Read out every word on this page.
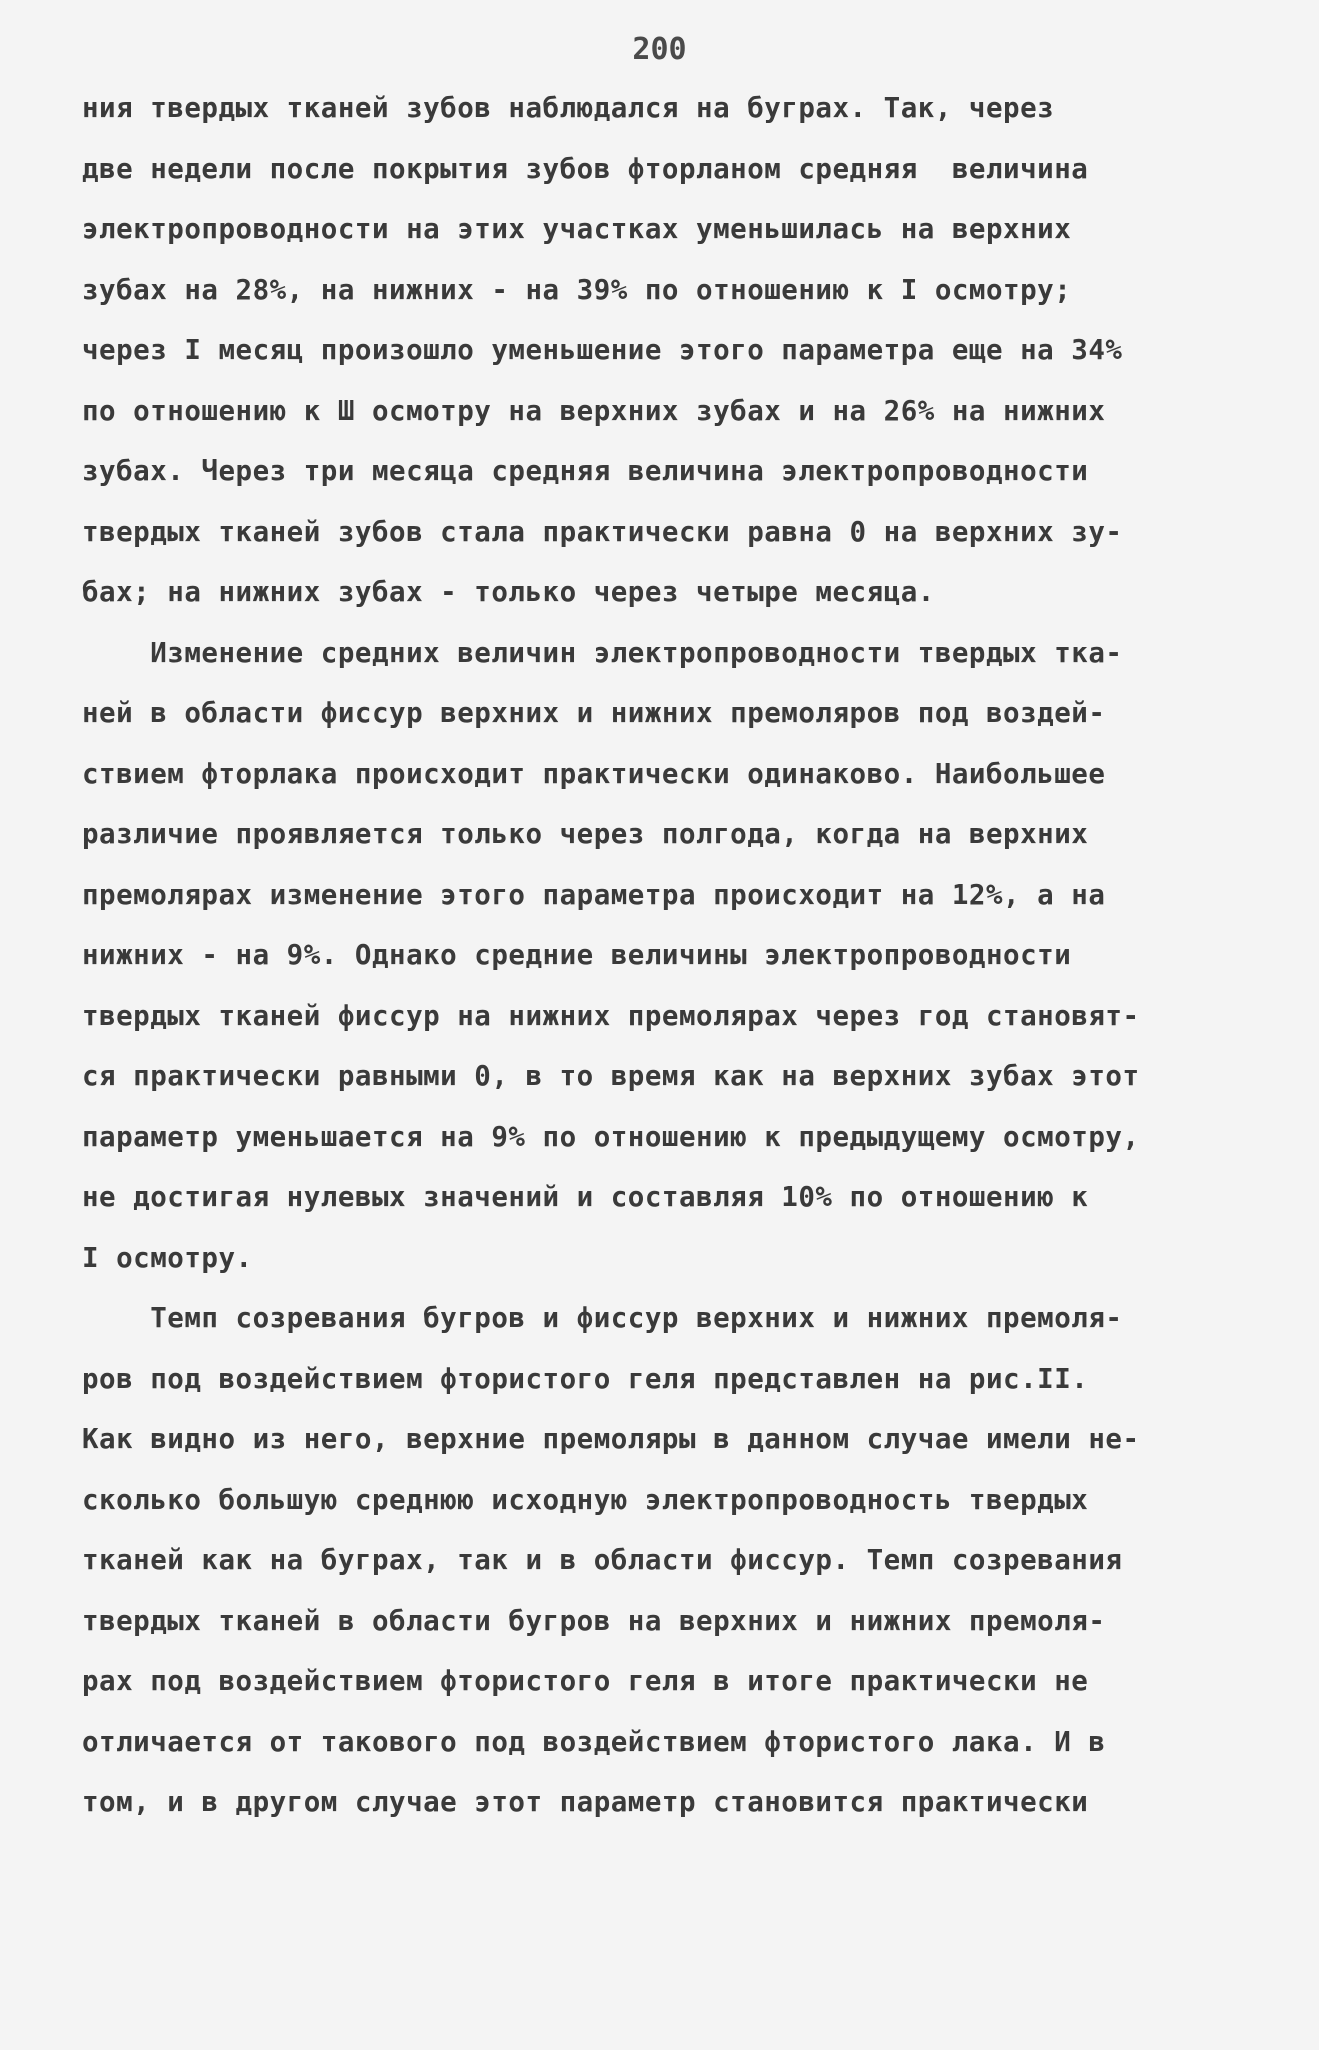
200
ния твердых тканей зубов наблюдался на буграх. Так, через
две недели после покрытия зубов фторланом средняя  величина
электропроводности на этих участках уменьшилась на верхних
зубах на 28%, на нижних - на 39% по отношению к I осмотру;
через I месяц произошло уменьшение этого параметра еще на 34%
по отношению к Ш осмотру на верхних зубах и на 26% на нижних
зубах. Через три месяца средняя величина электропроводности
твердых тканей зубов стала практически равна 0 на верхних зу-
бах; на нижних зубах - только через четыре месяца.
Изменение средних величин электропроводности твердых тка-
ней в области фиссур верхних и нижних премоляров под воздей-
ствием фторлака происходит практически одинаково. Наибольшее
различие проявляется только через полгода, когда на верхних
премолярах изменение этого параметра происходит на 12%, а на
нижних - на 9%. Однако средние величины электропроводности
твердых тканей фиссур на нижних премолярах через год становят-
ся практически равными 0, в то время как на верхних зубах этот
параметр уменьшается на 9% по отношению к предыдущему осмотру,
не достигая нулевых значений и составляя 10% по отношению к
I осмотру.
Темп созревания бугров и фиссур верхних и нижних премоля-
ров под воздействием фтористого геля представлен на рис.II.
Как видно из него, верхние премоляры в данном случае имели не-
сколько большую среднюю исходную электропроводность твердых
тканей как на буграх, так и в области фиссур. Темп созревания
твердых тканей в области бугров на верхних и нижних премоля-
рах под воздействием фтористого геля в итоге практически не
отличается от такового под воздействием фтористого лака. И в
том, и в другом случае этот параметр становится практически
